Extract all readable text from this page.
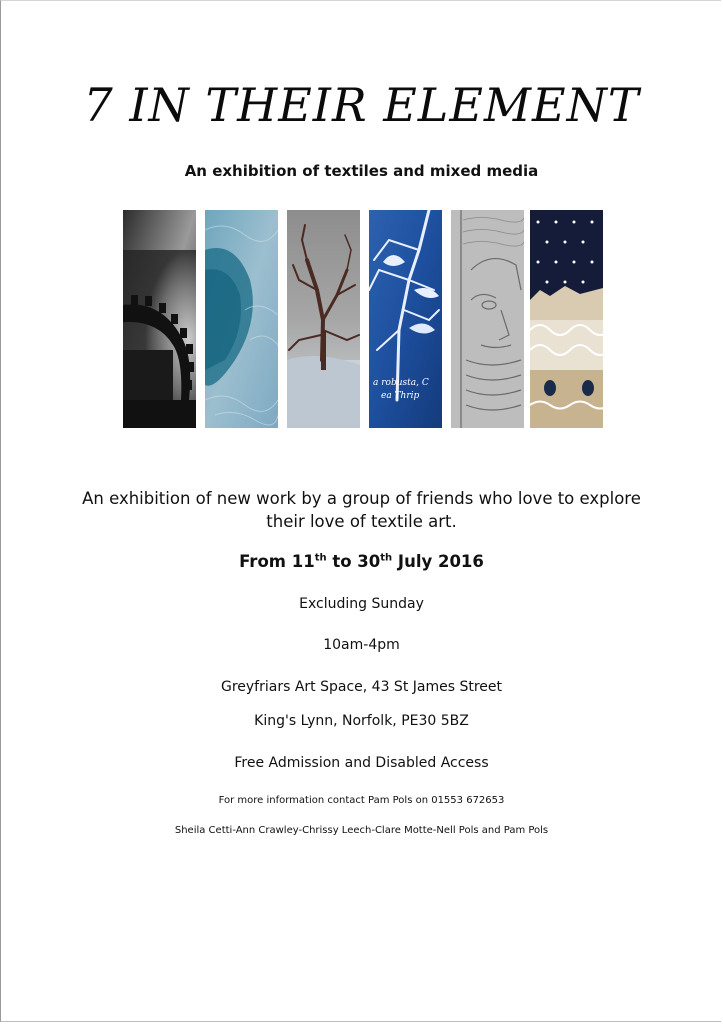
7 IN THEIR ELEMENT
An exhibition of textiles and mixed media
a robusta, C
ea Thrip
An exhibition of new work by a group of friends who love to explore
their love of textile art.
From 11th to 30th July 2016
Excluding Sunday
10am-4pm
Greyfriars Art Space, 43 St James Street
King's Lynn, Norfolk, PE30 5BZ
Free Admission and Disabled Access
For more information contact Pam Pols on 01553 672653
Sheila Cetti-Ann Crawley-Chrissy Leech-Clare Motte-Nell Pols and Pam Pols
